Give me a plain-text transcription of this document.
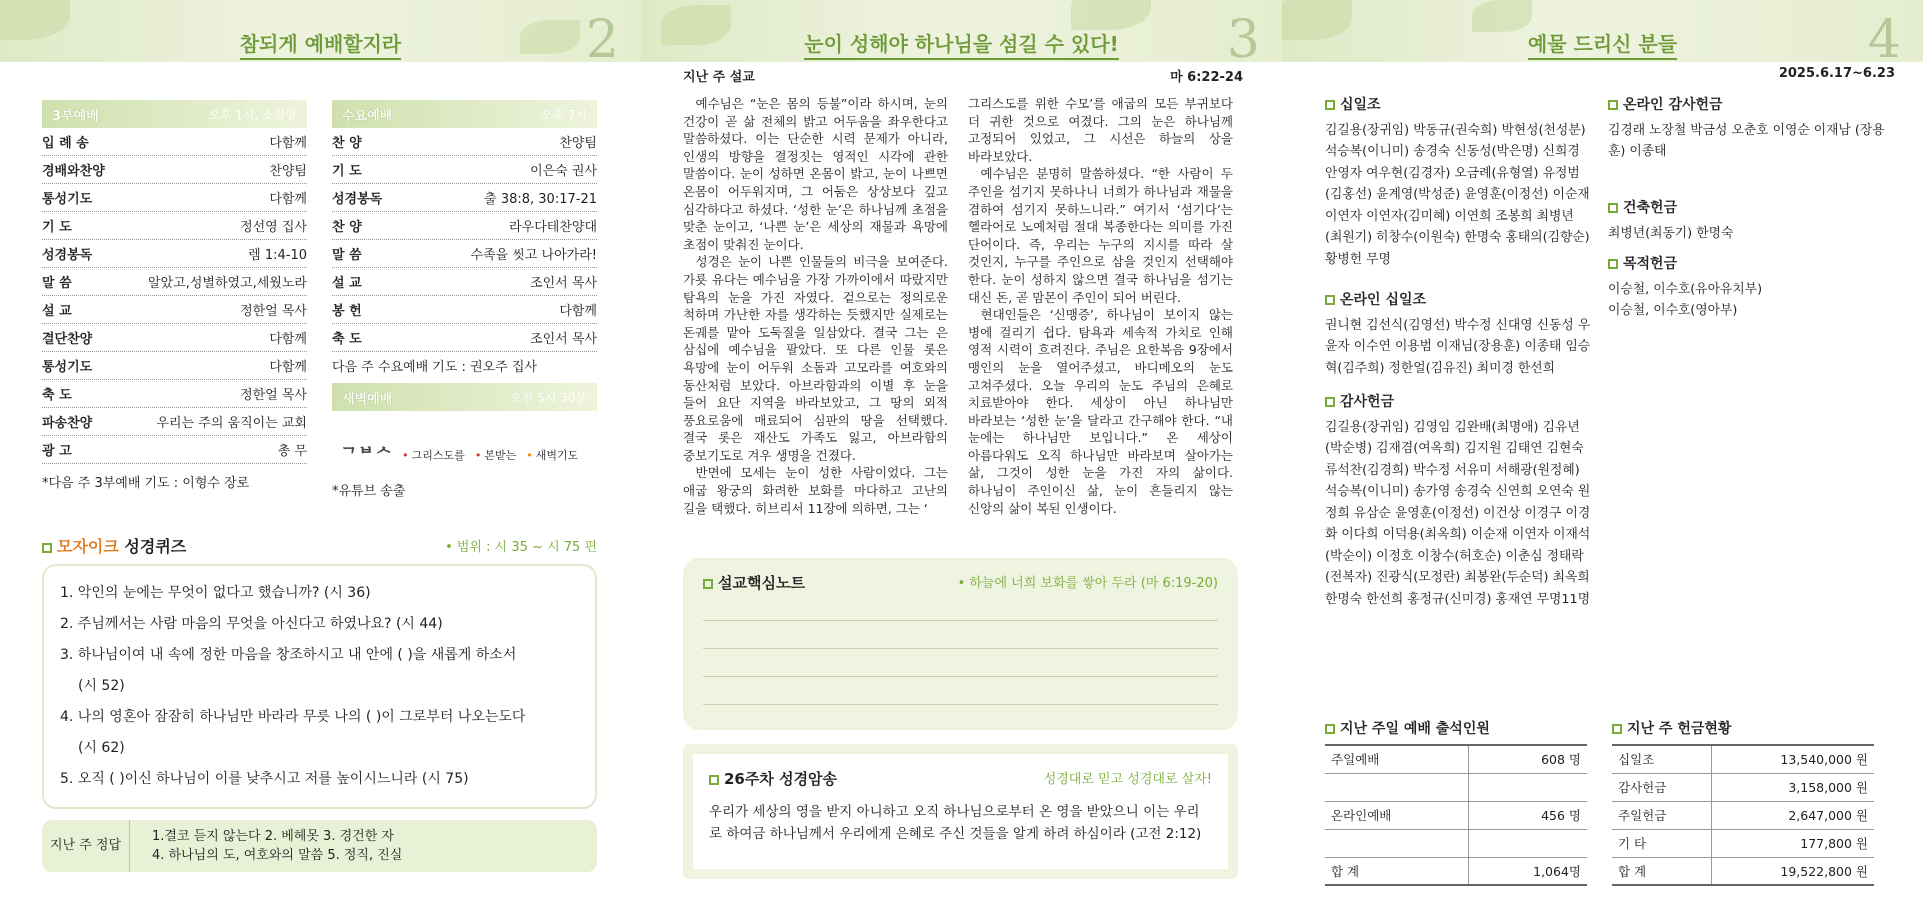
참되게 예배할지라	2
3부예배	오후 1시, 소강당
입 례 송	다함께
경배와찬양	찬양팀
통성기도	다함께
기 도	정선영 집사
성경봉독	렘 1:4-10
말 씀	알았고,성별하였고,세웠노라
설 교	정한얼 목사
결단찬양	다함께
통성기도	다함께
축 도	정한얼 목사
파송찬양	우리는 주의 움직이는 교회
광 고	총 무
*다음 주 3부예배 기도 : 이형수 장로
수요예배	오후 7시
찬 양	찬양팀
기 도	이은숙 권사
성경봉독	출 38:8, 30:17-21
찬 양	라우다테찬양대
말 씀	수족을 씻고 나아가라!
설 교	조인서 목사
봉 헌	다함께
축 도	조인서 목사
다음 주 수요예배 기도 : 권오주 집사
새벽예배	오전 5시 30분
ᄀᄇᄉ • 그리스도를 • 본받는 • 새벽기도
*유튜브 송출
모자이크 성경퀴즈	• 범위 : 시 35 ~ 시 75 편
1. 악인의 눈에는 무엇이 없다고 했습니까? (시 36)
2. 주님께서는 사람 마음의 무엇을 아신다고 하였나요? (시 44)
3. 하나님이여 내 속에 정한 마음을 창조하시고 내 안에 ( )을 새롭게 하소서
(시 52)
4. 나의 영혼아 잠잠히 하나님만 바라라 무릇 나의 ( )이 그로부터 나오는도다
(시 62)
5. 오직 ( )이신 하나님이 이를 낮추시고 저를 높이시느니라 (시 75)
지난 주 정답
1.결코 듣지 않는다 2. 베헤못 3. 경건한 자
4. 하나님의 도, 여호와의 말씀 5. 정직, 진실
눈이 성해야 하나님을 섬길 수 있다!	3
지난 주 설교	마 6:22-24

예수님은 “눈은 몸의 등불”이라 하시며, 눈의 건강이 곧 삶 전체의 밝고 어두움을 좌우한다고 말씀하셨다. 이는 단순한 시력 문제가 아니라, 인생의 방향을 결정짓는 영적인 시각에 관한 말씀이다. 눈이 성하면 온몸이 밝고, 눈이 나쁘면 온몸이 어두워지며, 그 어둠은 상상보다 깊고 심각하다고 하셨다. ‘성한 눈’은 하나님께 초점을 맞춘 눈이고, ‘나쁜 눈’은 세상의 재물과 욕망에 초점이 맞춰진 눈이다.

성경은 눈이 나쁜 인물들의 비극을 보여준다. 가룟 유다는 예수님을 가장 가까이에서 따랐지만 탐욕의 눈을 가진 자였다. 겉으로는 정의로운 척하며 가난한 자를 생각하는 듯했지만 실제로는 돈궤를 맡아 도둑질을 일삼았다. 결국 그는 은 삼십에 예수님을 팔았다. 또 다른 인물 롯은 욕망에 눈이 어두워 소돔과 고모라를 여호와의 동산처럼 보았다. 아브라함과의 이별 후 눈을 들어 요단 지역을 바라보았고, 그 땅의 외적 풍요로움에 매료되어 심판의 땅을 선택했다. 결국 롯은 재산도 가족도 잃고, 아브라함의 중보기도로 겨우 생명을 건졌다.

반면에 모세는 눈이 성한 사람이었다. 그는 애굽 왕궁의 화려한 보화를 마다하고 고난의 길을 택했다. 히브리서 11장에 의하면, 그는 ‘

그리스도를 위한 수모’를 애굽의 모든 부귀보다 더 귀한 것으로 여겼다. 그의 눈은 하나님께 고정되어 있었고, 그 시선은 하늘의 상을 바라보았다.

예수님은 분명히 말씀하셨다. “한 사람이 두 주인을 섬기지 못하나니 너희가 하나님과 재물을 겸하여 섬기지 못하느니라.” 여기서 ‘섬기다’는 헬라어로 노예처럼 절대 복종한다는 의미를 가진 단어이다. 즉, 우리는 누구의 지시를 따라 살 것인지, 누구를 주인으로 삼을 것인지 선택해야 한다. 눈이 성하지 않으면 결국 하나님을 섬기는 대신 돈, 곧 맘몬이 주인이 되어 버린다.

현대인들은 ‘신맹증’, 하나님이 보이지 않는 병에 걸리기 쉽다. 탐욕과 세속적 가치로 인해 영적 시력이 흐려진다. 주님은 요한복음 9장에서 맹인의 눈을 열어주셨고, 바디메오의 눈도 고쳐주셨다. 오늘 우리의 눈도 주님의 은혜로 치료받아야 한다. 세상이 아닌 하나님만 바라보는 ‘성한 눈’을 달라고 간구해야 한다. “내 눈에는 하나님만 보입니다.” 온 세상이 아름다워도 오직 하나님만 바라보며 살아가는 삶, 그것이 성한 눈을 가진 자의 삶이다. 하나님이 주인이신 삶, 눈이 흔들리지 않는 신앙의 삶이 복된 인생이다.

설교핵심노트	• 하늘에 너희 보화를 쌓아 두라 (마 6:19-20)
26주차 성경암송	성경대로 믿고 성경대로 살자!
우리가 세상의 영을 받지 아니하고 오직 하나님으로부터 온 영을 받았으니 이는 우리로 하여금 하나님께서 우리에게 은혜로 주신 것들을 알게 하려 하심이라 (고전 2:12)
예물 드리신 분들	4
2025.6.17~6.23
십일조
김길용(장귀임) 박동규(권숙희) 박현성(천성분) 석승복(이니미) 송경숙 신동성(박은명) 신희경 안영자 여우현(김경자) 오금례(유형열) 유정범 (김홍선) 윤계영(박성준) 윤영훈(이정선) 이순재 이연자 이연자(김미혜) 이연희 조봉희 최병년 (최원기) 히창수(이원숙) 한명숙 홍태의(김향순) 황병헌 무명
온라인 십일조
권니현 김선식(김영선) 박수정 신대영 신동성 우윤자 이수연 이용범 이재님(장용훈) 이종태 임승혁(김주희) 정한얼(김유진) 최미경 한선희
감사헌금
김길용(장귀임) 김영임 김완배(최명애) 김유년 (박순병) 김재겸(여옥희) 김지원 김태연 김현숙 류석찬(김경희) 박수정 서유미 서해광(원정혜) 석승복(이니미) 송가영 송경숙 신연희 오연숙 원정희 유삼순 윤영훈(이정선) 이건상 이경구 이경화 이다희 이덕용(최옥희) 이순재 이연자 이재석(박순이) 이정호 이창수(허호순) 이춘심 정태락(전복자) 진광식(모정란) 최봉완(두순덕) 최옥희 한명숙 한선희 홍정규(신미경) 홍재연 무명11명
온라인 감사헌금
김경래 노장철 박금성 오춘호 이영순 이재남 (장용훈) 이종태
건축헌금
최병년(최동기) 한명숙
목적헌금
이승철, 이수호(유아유치부)
이승철, 이수호(영아부)
지난 주일 예배 출석인원
주일예배	608 명

온라인예배	456 명

합 계	1,064명
지난 주 헌금현황
십일조	13,540,000 원
감사헌금	3,158,000 원
주일헌금	2,647,000 원
기 타	177,800 원
합 계	19,522,800 원
